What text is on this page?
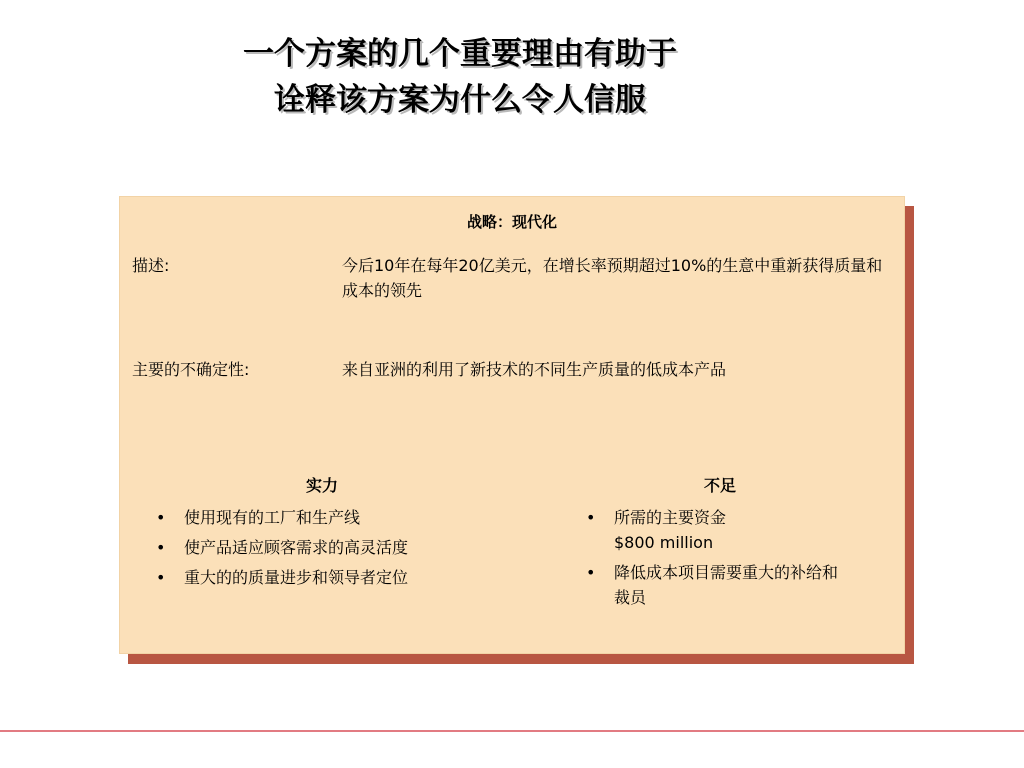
一个方案的几个重要理由有助于
诠释该方案为什么令人信服
战略：现代化
描述:	今后10年在每年20亿美元，在增长率预期超过10%的生意中重新获得质量和成本的领先
主要的不确定性:	来自亚洲的利用了新技术的不同生产质量的低成本产品
实力
• 使用现有的工厂和生产线
• 使产品适应顾客需求的高灵活度
• 重大的的质量进步和领导者定位
不足
• 所需的主要资金 $800 million
• 降低成本项目需要重大的补给和裁员
